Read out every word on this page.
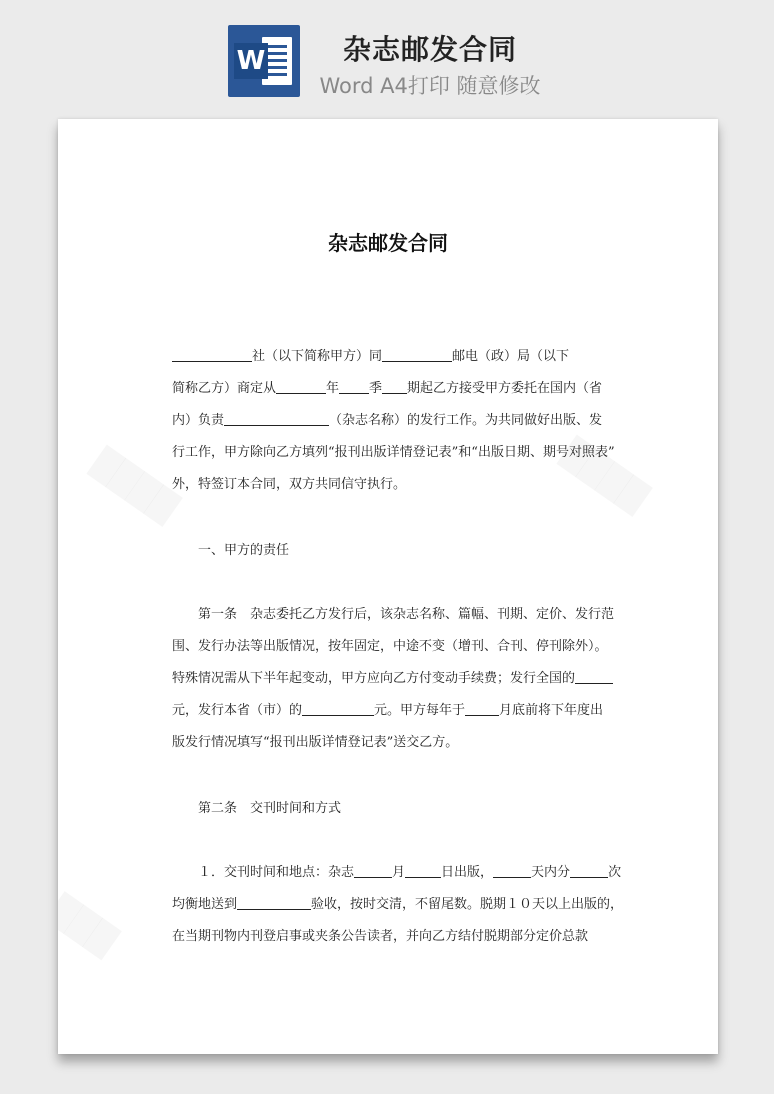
W	杂志邮发合同
Word A4打印 随意修改
杂志邮发合同
社（以下简称甲方）同	邮电（政）局（以下
简称乙方）商定从	年 季 期起乙方接受甲方委托在国内（省
内）负责	（杂志名称）的发行工作。为共同做好出版、发
行工作，甲方除向乙方填列“报刊出版详情登记表”和“出版日期、期号对照表”
外，特签订本合同，双方共同信守执行。
一、甲方的责任
第一条　杂志委托乙方发行后，该杂志名称、篇幅、刊期、定价、发行范
围、发行办法等出版情况，按年固定，中途不变（增刊、合刊、停刊除外）。
特殊情况需从下半年起变动，甲方应向乙方付变动手续费；发行全国的
元，发行本省（市）的	元。甲方每年于	月底前将下年度出
版发行情况填写“报刊出版详情登记表”送交乙方。
第二条　交刊时间和方式
１．交刊时间和地点：杂志	月	日出版，	天内分	次
均衡地送到	验收，按时交清，不留尾数。脱期１０天以上出版的，
在当期刊物内刊登启事或夹条公告读者，并向乙方结付脱期部分定价总款
